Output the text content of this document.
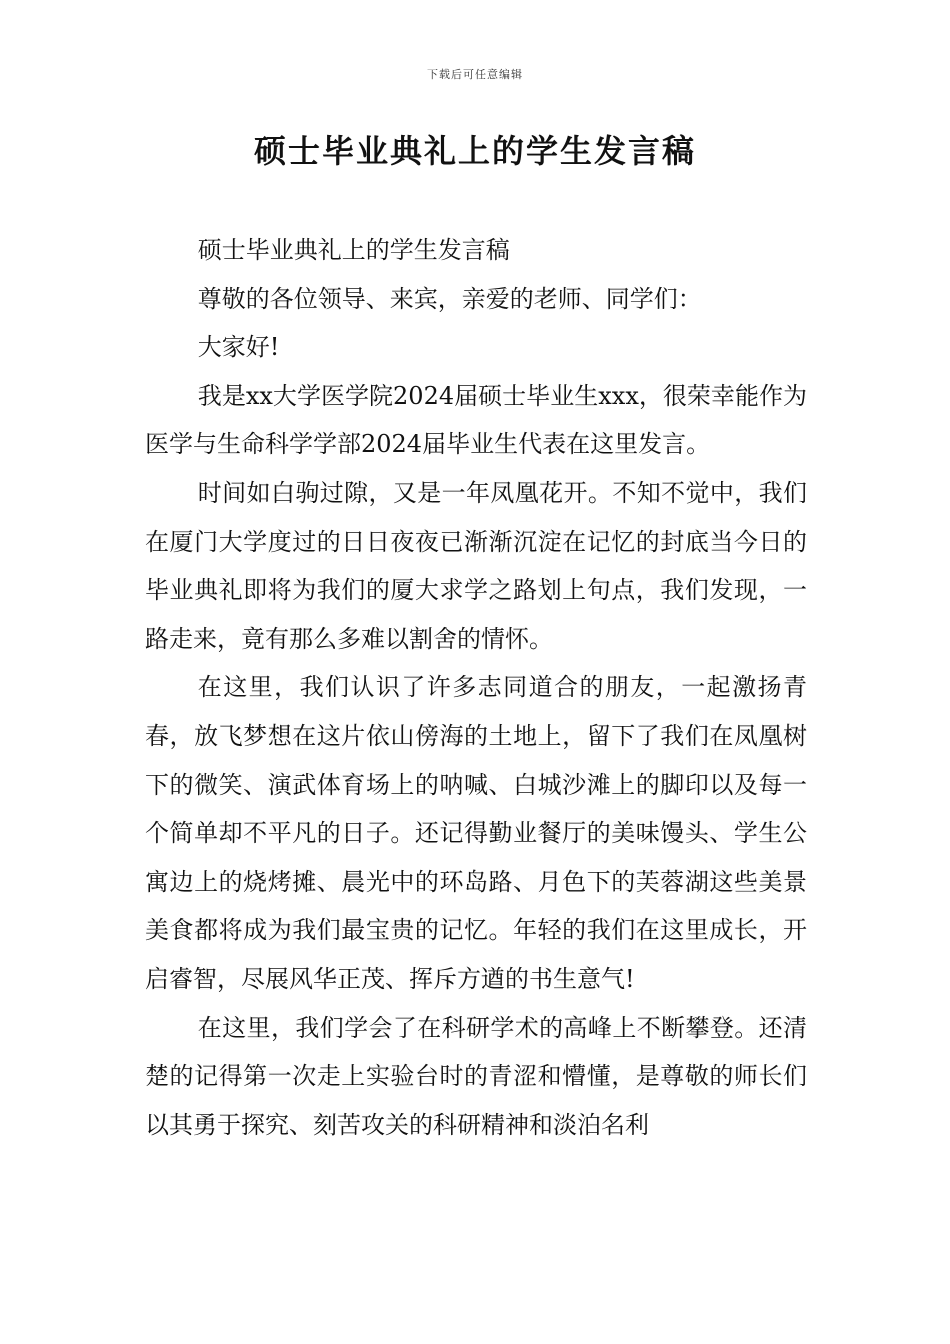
下载后可任意编辑
硕士毕业典礼上的学生发言稿

硕士毕业典礼上的学生发言稿

尊敬的各位领导、来宾，亲爱的老师、同学们：

大家好!

我是xx大学医学院2024届硕士毕业生xxx，很荣幸能作为医学与生命科学学部2024届毕业生代表在这里发言。

时间如白驹过隙，又是一年凤凰花开。不知不觉中，我们在厦门大学度过的日日夜夜已渐渐沉淀在记忆的封底当今日的毕业典礼即将为我们的厦大求学之路划上句点，我们发现，一路走来，竟有那么多难以割舍的情怀。

在这里，我们认识了许多志同道合的朋友，一起激扬青春，放飞梦想在这片依山傍海的土地上，留下了我们在凤凰树下的微笑、演武体育场上的呐喊、白城沙滩上的脚印以及每一个简单却不平凡的日子。还记得勤业餐厅的美味馒头、学生公寓边上的烧烤摊、晨光中的环岛路、月色下的芙蓉湖这些美景美食都将成为我们最宝贵的记忆。年轻的我们在这里成长，开启睿智，尽展风华正茂、挥斥方遒的书生意气!

在这里，我们学会了在科研学术的高峰上不断攀登。还清楚的记得第一次走上实验台时的青涩和懵懂，是尊敬的师长们以其勇于探究、刻苦攻关的科研精神和淡泊名利
